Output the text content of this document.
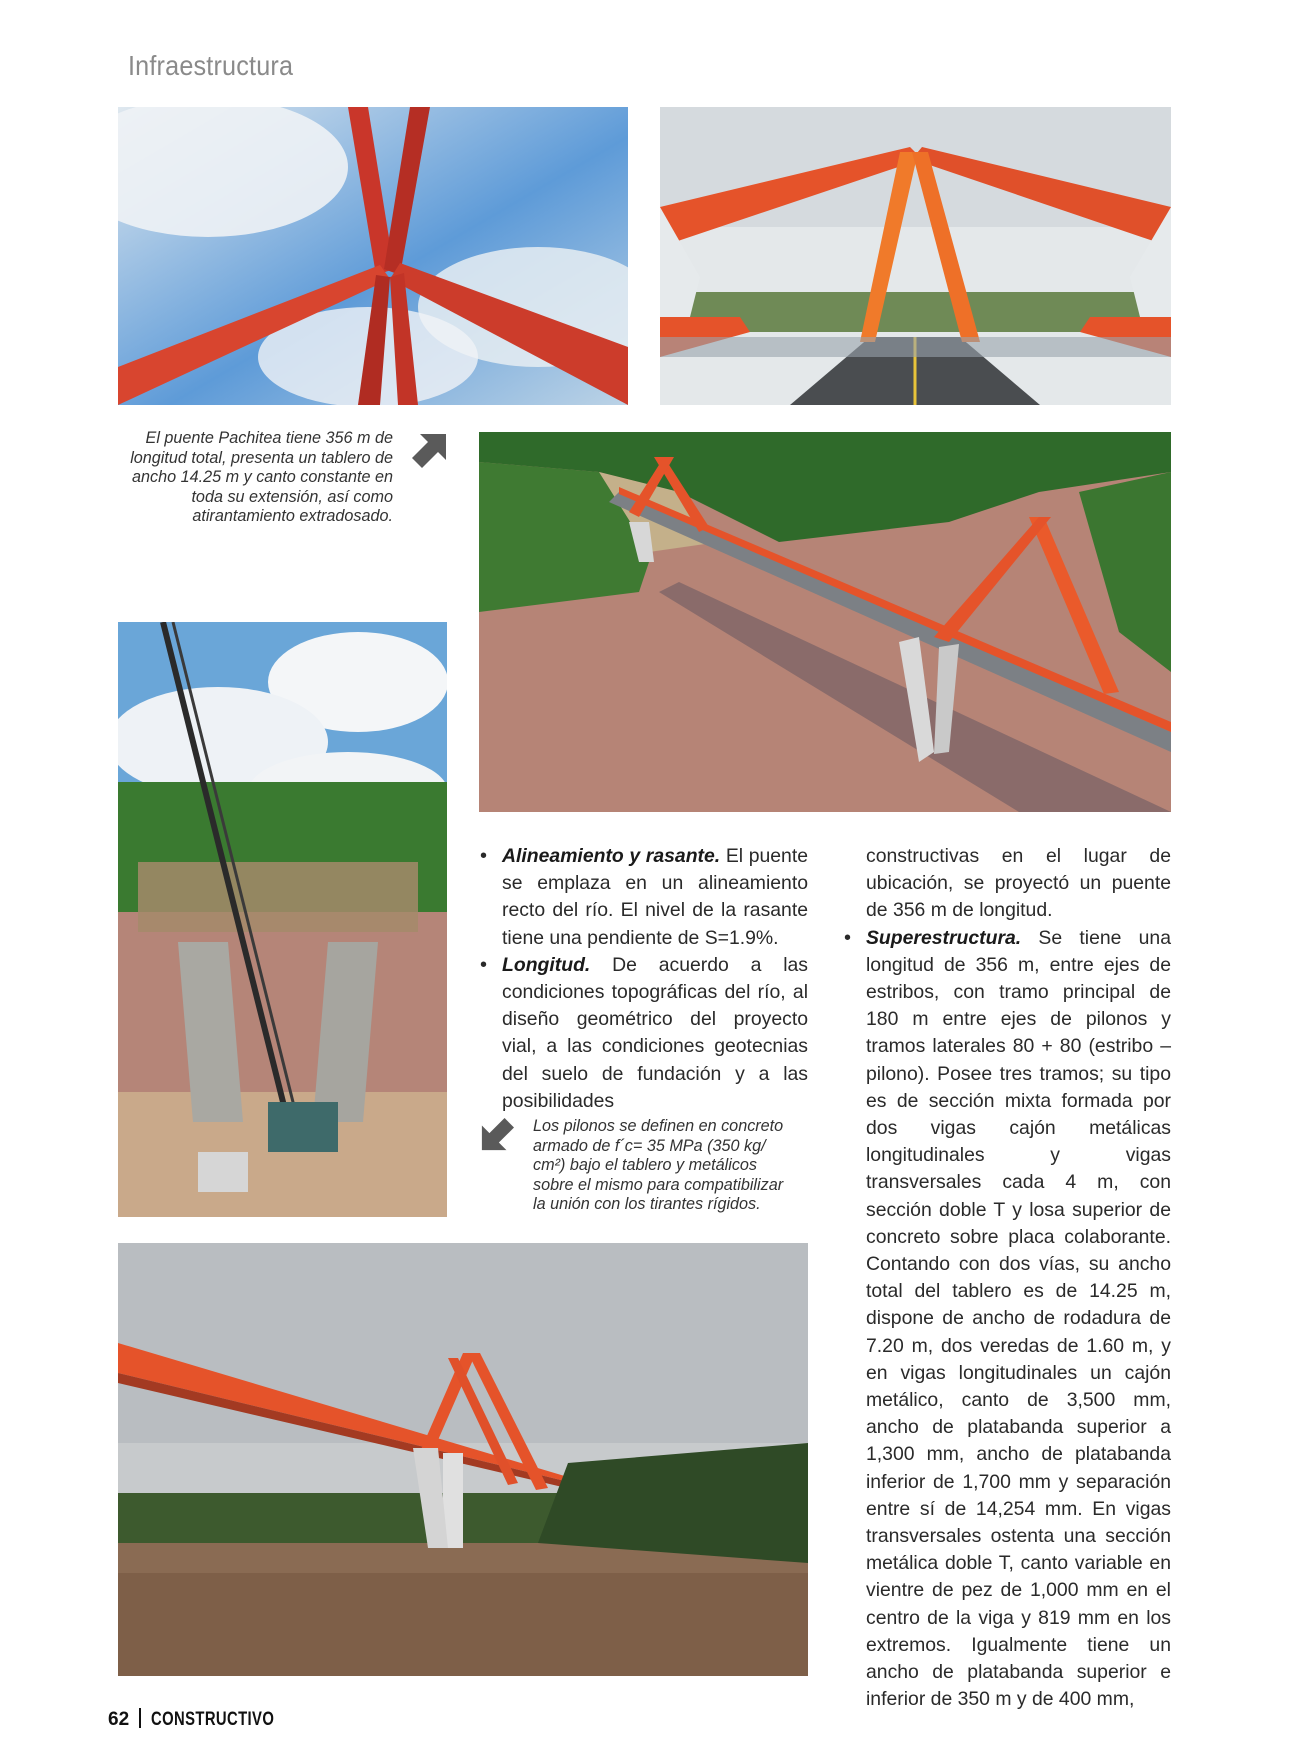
Infraestructura
El puente Pachitea tiene 356 m de longitud total, presenta un tablero de ancho 14.25 m y canto constante en toda su extensión, así como atirantamiento extradosado.

• Alineamiento y rasante. El puente se emplaza en un alineamiento recto del río. El nivel de la rasante tiene una pendiente de S=1.9%.

• Longitud. De acuerdo a las condiciones topográficas del río, al diseño geométrico del proyecto vial, a las condiciones geotecnias del suelo de fundación y a las posibilidades

Los pilonos se definen en concreto
armado de f´c= 35 MPa (350 kg/
cm²) bajo el tablero y metálicos
sobre el mismo para compatibilizar
la unión con los tirantes rígidos.

constructivas en el lugar de ubicación, se proyectó un puente de 356 m de longitud.

• Superestructura. Se tiene una longitud de 356 m, entre ejes de estribos, con tramo principal de 180 m entre ejes de pilonos y tramos laterales 80 + 80 (estribo – pilono). Posee tres tramos; su tipo es de sección mixta formada por dos vigas cajón metálicas longitudinales y vigas transversales cada 4 m, con sección doble T y losa superior de concreto sobre placa colaborante. Contando con dos vías, su ancho total del tablero es de 14.25 m, dispone de ancho de rodadura de 7.20 m, dos veredas de 1.60 m, y en vigas longitudinales un cajón metálico, canto de 3,500 mm, ancho de platabanda superior a 1,300 mm, ancho de platabanda inferior de 1,700 mm y separación entre sí de 14,254 mm. En vigas transversales ostenta una sección metálica doble T, canto variable en vientre de pez de 1,000 mm en el centro de la viga y 819 mm en los extremos. Igualmente tiene un ancho de platabanda superior e inferior de 350 m y de 400 mm,

62 CONSTRUCTIVO
